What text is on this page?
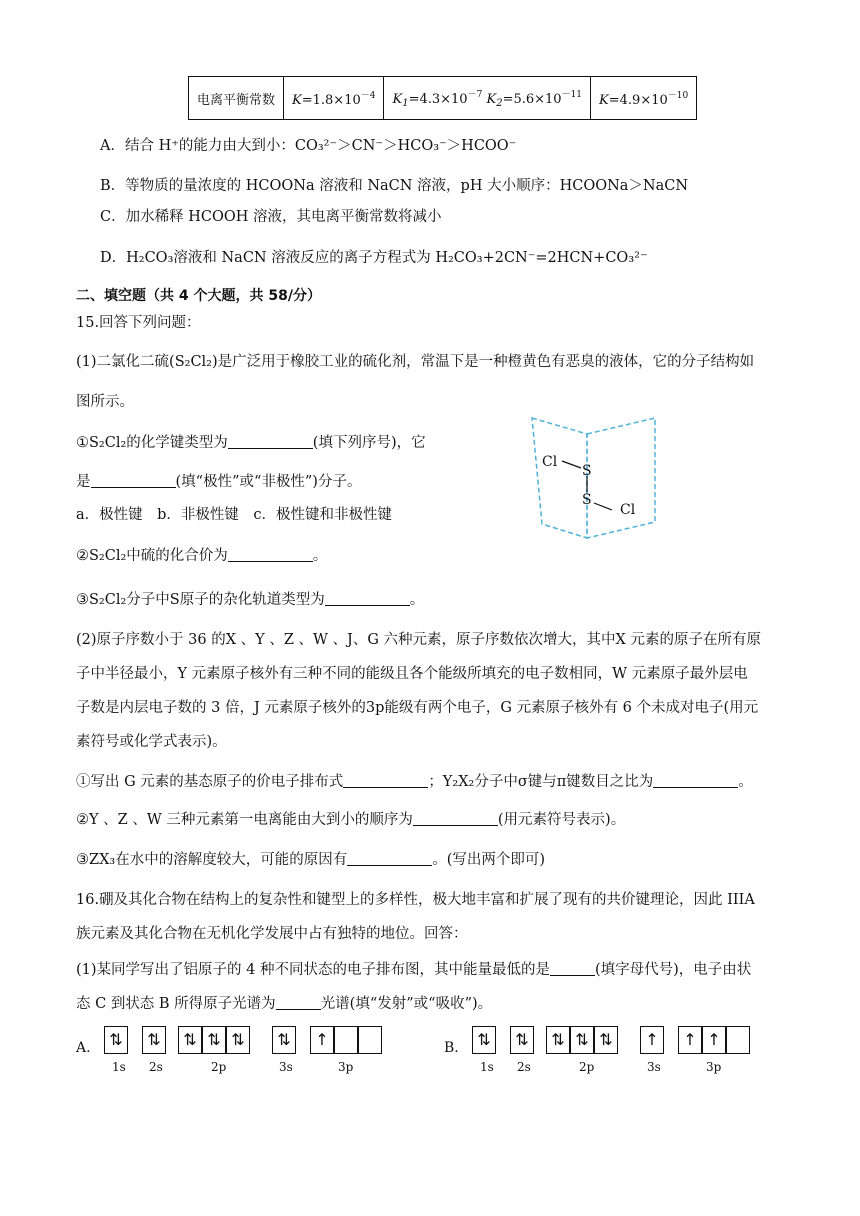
电离平衡常数	$K=1.8\times 10^{-4}$	$K_1=4.3\times 10^{-7}$ $K_2=5.6\times 10^{-11}$	$K=4.9\times 10^{-10}$
A．结合 H⁺的能力由大到小：CO₃²⁻＞CN⁻＞HCO₃⁻＞HCOO⁻
B．等物质的量浓度的 HCOONa 溶液和 NaCN 溶液，pH 大小顺序：HCOONa＞NaCN
C．加水稀释 HCOOH 溶液，其电离平衡常数将减小
D．H₂CO₃溶液和 NaCN 溶液反应的离子方程式为 H₂CO₃+2CN⁻=2HCN+CO₃²⁻
二、填空题（共 4 个大题，共 58/分）
15.回答下列问题：
(1)二氯化二硫(S₂Cl₂)是广泛用于橡胶工业的硫化剂，常温下是一种橙黄色有恶臭的液体，它的分子结构如
图所示。
①S₂Cl₂的化学键类型为	(填下列序号)，它
是	(填“极性”或“非极性”)分子。
a．极性键　b．非极性键　c．极性键和非极性键
②S₂Cl₂中硫的化合价为	。
③S₂Cl₂分子中S原子的杂化轨道类型为	。
Cl
S
S
Cl
(2)原子序数小于 36 的X 、Y 、Z 、W 、J、G 六种元素，原子序数依次增大，其中X 元素的原子在所有原
子中半径最小，Y 元素原子核外有三种不同的能级且各个能级所填充的电子数相同，W 元素原子最外层电
子数是内层电子数的 3 倍，J 元素原子核外的3p能级有两个电子，G 元素原子核外有 6 个未成对电子(用元
素符号或化学式表示)。
①写出 G 元素的基态原子的价电子排布式	；Y₂X₂分子中σ键与π键数目之比为	。
②Y 、Z 、W 三种元素第一电离能由大到小的顺序为	(用元素符号表示)。
③ZX₃在水中的溶解度较大，可能的原因有	。(写出两个即可)
16.硼及其化合物在结构上的复杂性和键型上的多样性，极大地丰富和扩展了现有的共价键理论，因此 IIIA
族元素及其化合物在无机化学发展中占有独特的地位。回答：
(1)某同学写出了铝原子的 4 种不同状态的电子排布图，其中能量最低的是	(填字母代号)，电子由状
态 C 到状态 B 所得原子光谱为	光谱(填“发射”或“吸收”)。
A.	⇅	⇅	⇅ ⇅ ⇅	⇅	↑
1s 2s	2p	3s	3p
B.	⇅	⇅	⇅ ⇅ ⇅	↑	↑ ↑
1s 2s	2p	3s	3p
